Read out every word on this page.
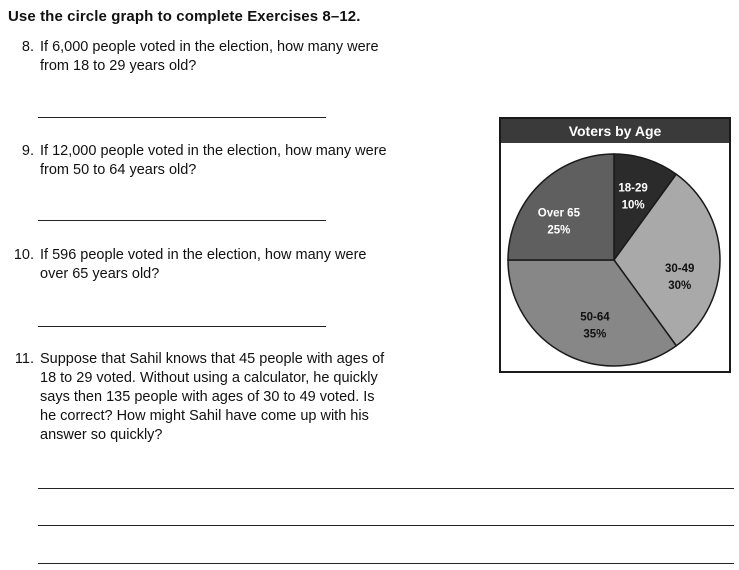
Use the circle graph to complete Exercises 8–12.
8. If 6,000 people voted in the election, how many were
from 18 to 29 years old?
9. If 12,000 people voted in the election, how many were
from 50 to 64 years old?
10. If 596 people voted in the election, how many were
over 65 years old?
11. Suppose that Sahil knows that 45 people with ages of
18 to 29 voted. Without using a calculator, he quickly
says then 135 people with ages of 30 to 49 voted. Is
he correct? How might Sahil have come up with his
answer so quickly?
Voters by Age
18-29
10%
30-49
30%
50-64
35%
Over 65
25%
